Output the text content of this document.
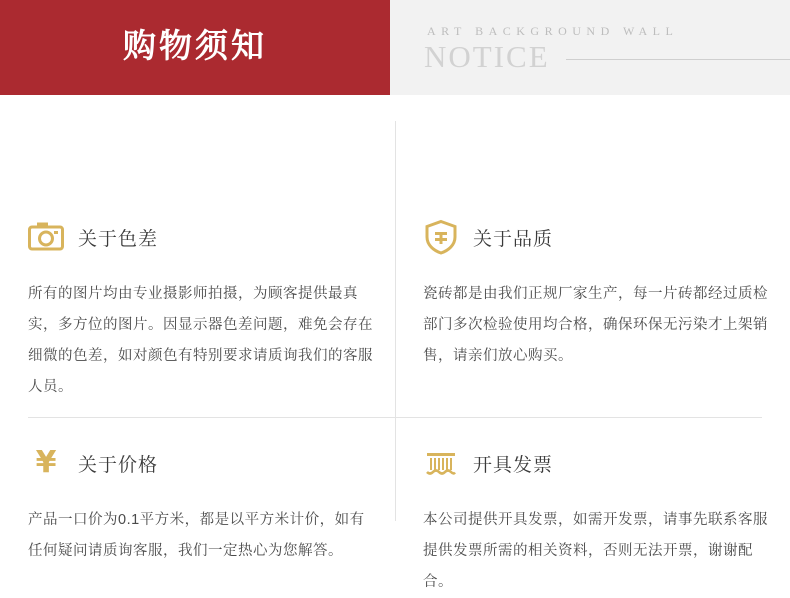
购物须知	ART BACKGROUND WALL
NOTICE
关于色差
所有的图片均由专业摄影师拍摄，为顾客提供最真实，多方位的图片。因显示器色差问题，难免会存在细微的色差，如对颜色有特别要求请质询我们的客服人员。
关于品质
瓷砖都是由我们正规厂家生产，每一片砖都经过质检部门多次检验使用均合格，确保环保无污染才上架销售，请亲们放心购买。
¥	关于价格
产品一口价为0.1平方米，都是以平方米计价，如有任何疑问请质询客服，我们一定热心为您解答。
开具发票
本公司提供开具发票，如需开发票，请事先联系客服提供发票所需的相关资料，否则无法开票，谢谢配合。
